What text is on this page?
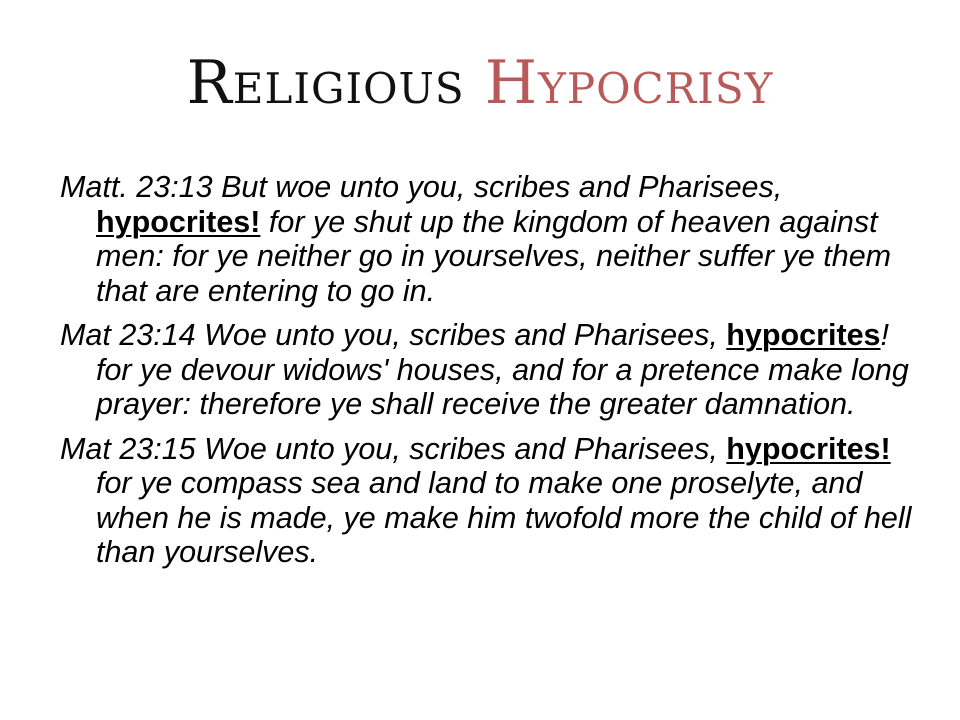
Religious Hypocrisy

Matt. 23:13 But woe unto you, scribes and Pharisees, hypocrites! for ye shut up the kingdom of heaven against men: for ye neither go in yourselves, neither suffer ye them that are entering to go in.

Mat 23:14 Woe unto you, scribes and Pharisees, hypocrites! for ye devour widows' houses, and for a pretence make long prayer: therefore ye shall receive the greater damnation.

Mat 23:15 Woe unto you, scribes and Pharisees, hypocrites! for ye compass sea and land to make one proselyte, and when he is made, ye make him twofold more the child of hell than yourselves.
